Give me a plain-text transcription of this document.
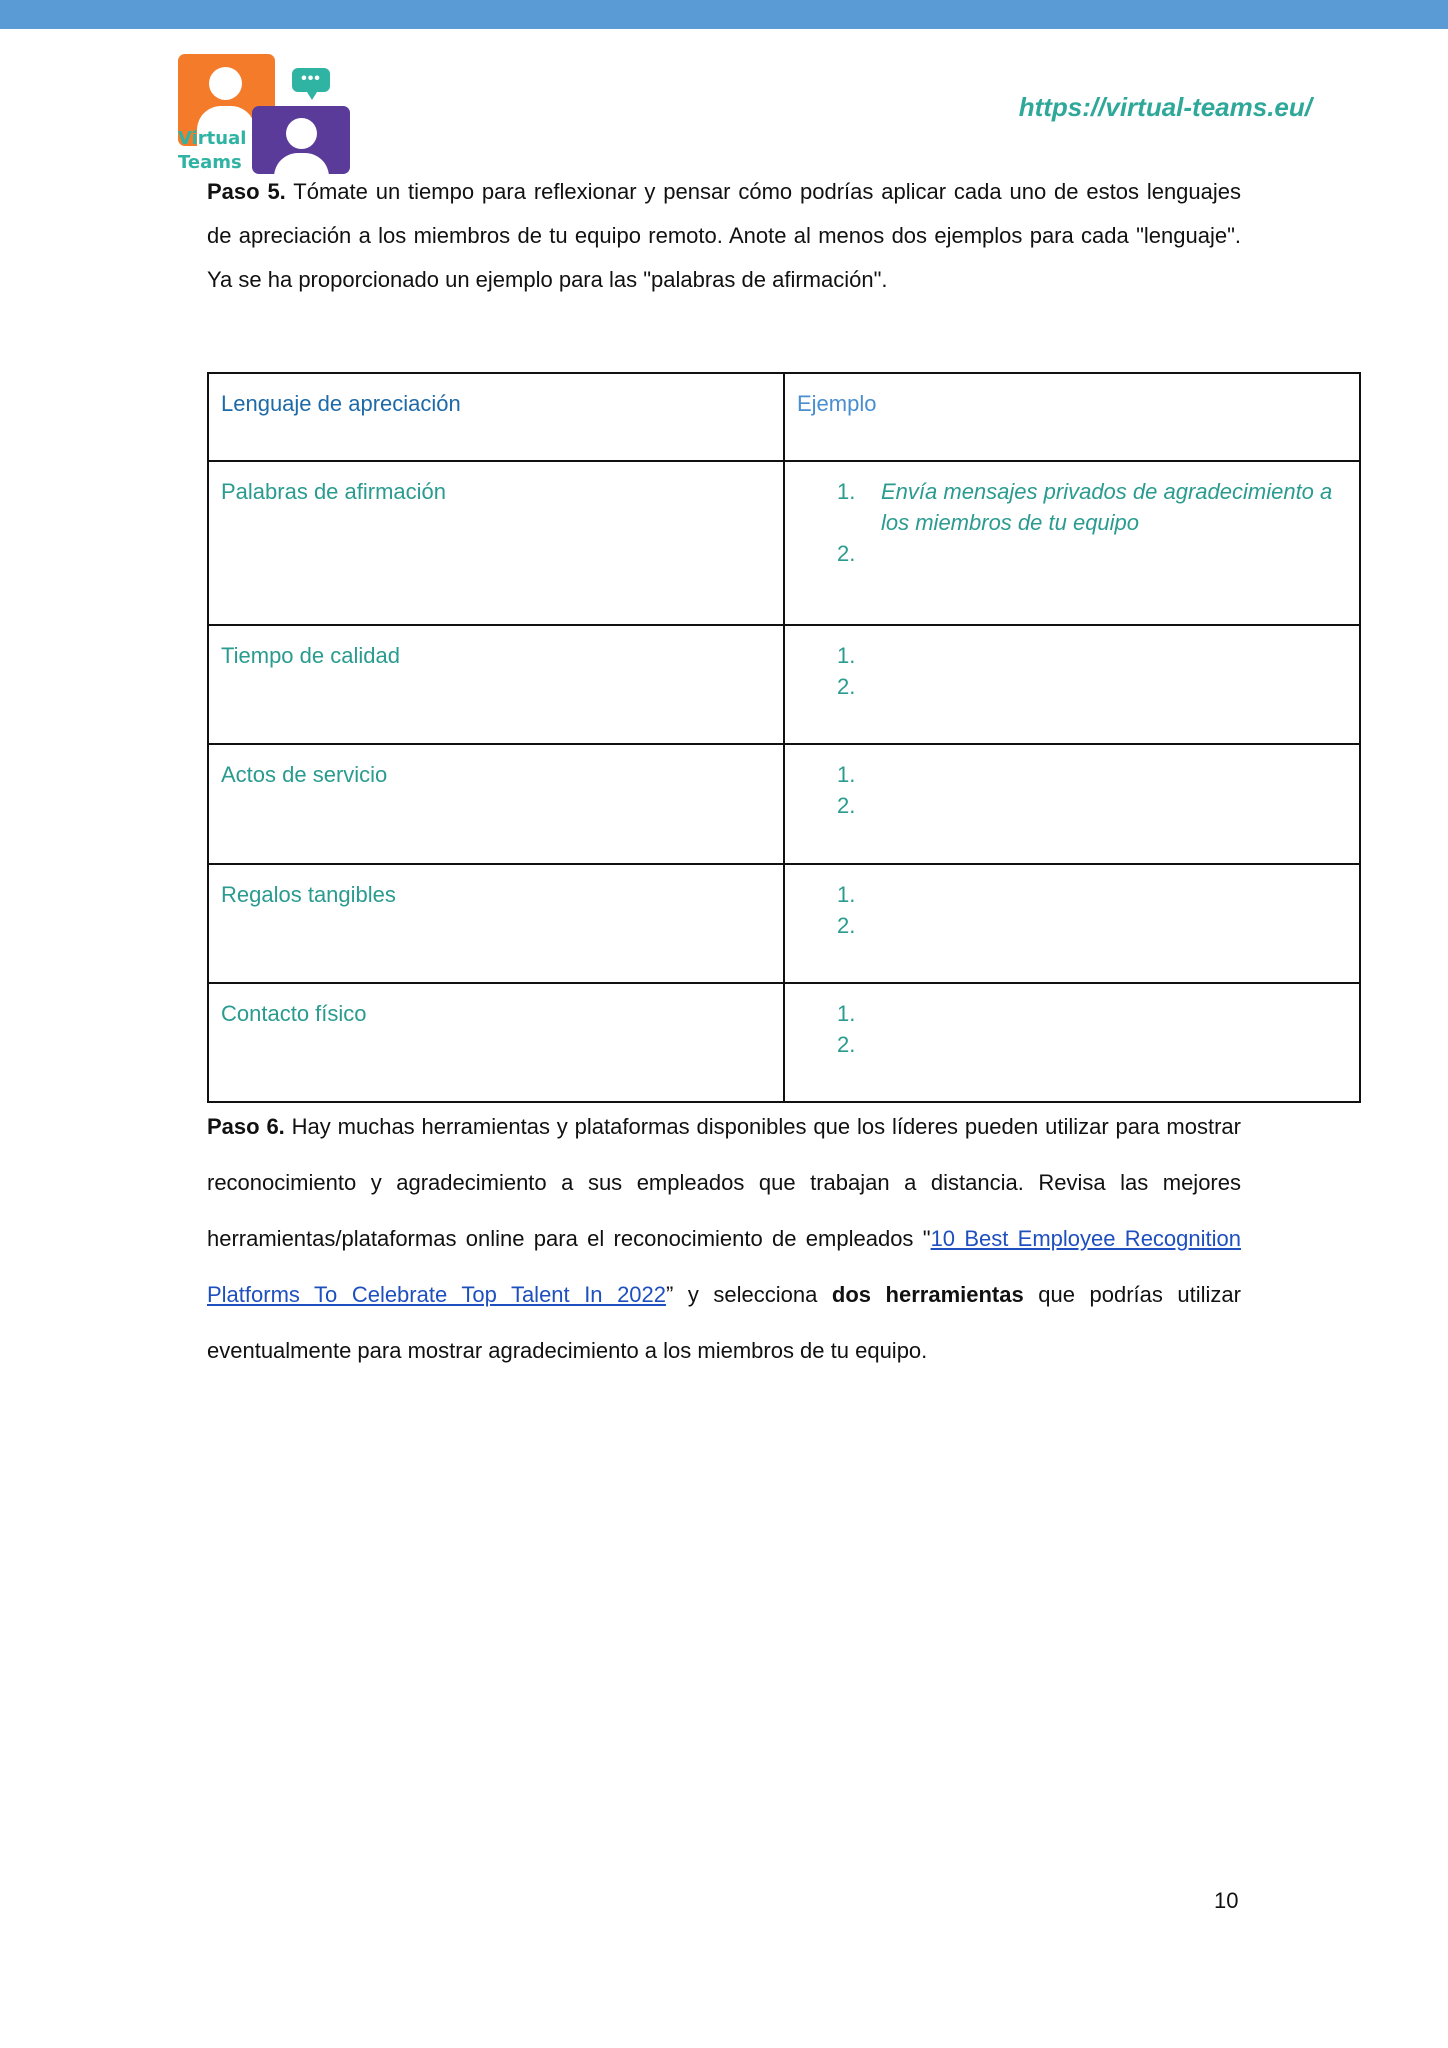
•••
Virtual
Teams
https://virtual-teams.eu/

Paso 5. Tómate un tiempo para reflexionar y pensar cómo podrías aplicar cada uno de estos lenguajes de apreciación a los miembros de tu equipo remoto. Anote al menos dos ejemplos para cada "lenguaje". Ya se ha proporcionado un ejemplo para las "palabras de afirmación".

Lenguaje de apreciación	Ejemplo
Palabras de afirmación	1. Envía mensajes privados de agradecimiento a los miembros de tu equipo
2.

Tiempo de calidad	1.
2.

Actos de servicio	1.
2.

Regalos tangibles	1.
2.

Contacto físico	1.
2.

Paso 6. Hay muchas herramientas y plataformas disponibles que los líderes pueden utilizar para mostrar reconocimiento y agradecimiento a sus empleados que trabajan a distancia. Revisa las mejores herramientas/plataformas online para el reconocimiento de empleados "10 Best Employee Recognition Platforms To Celebrate Top Talent In 2022” y selecciona dos herramientas que podrías utilizar eventualmente para mostrar agradecimiento a los miembros de tu equipo.

10
